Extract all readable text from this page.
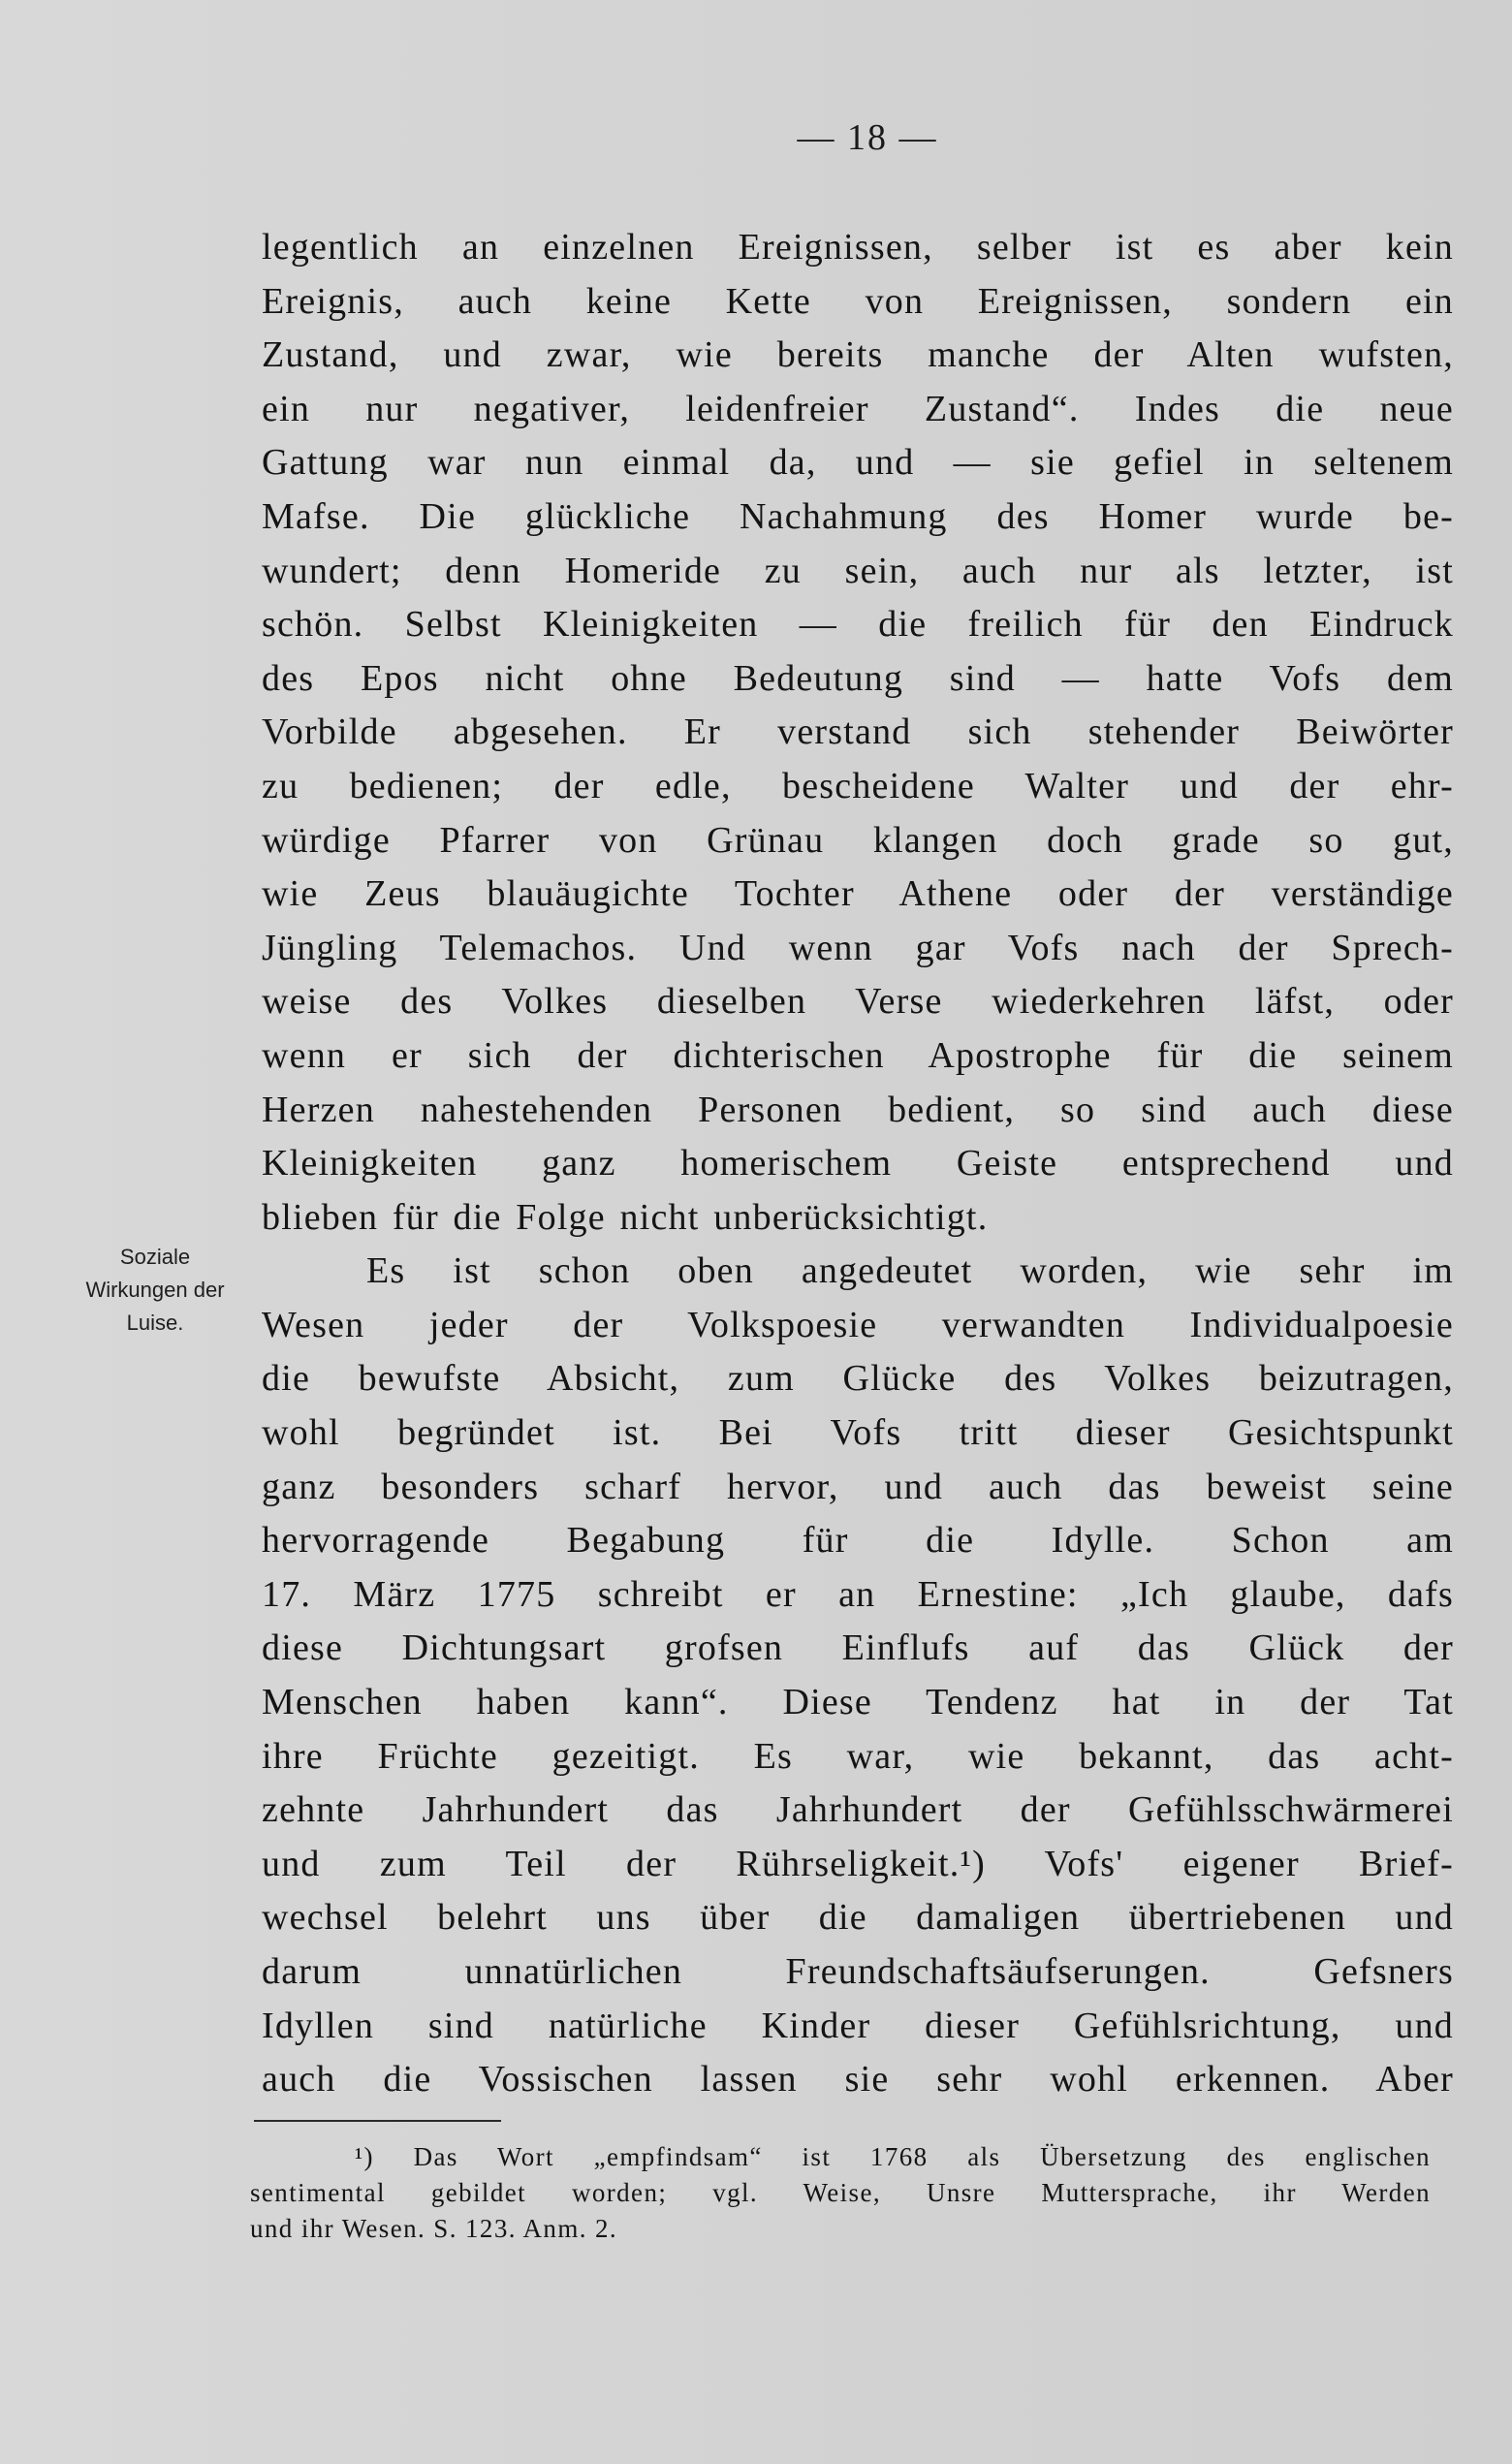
— 18 —
Soziale
Wirkungen der
Luise.
legentlich an einzelnen Ereignissen, selber ist es aber kein
Ereignis, auch keine Kette von Ereignissen, sondern ein
Zustand, und zwar, wie bereits manche der Alten wufsten,
ein nur negativer, leidenfreier Zustand“. Indes die neue
Gattung war nun einmal da, und — sie gefiel in seltenem
Mafse. Die glückliche Nachahmung des Homer wurde be-
wundert; denn Homeride zu sein, auch nur als letzter, ist
schön. Selbst Kleinigkeiten — die freilich für den Eindruck
des Epos nicht ohne Bedeutung sind — hatte Vofs dem
Vorbilde abgesehen. Er verstand sich stehender Beiwörter
zu bedienen; der edle, bescheidene Walter und der ehr-
würdige Pfarrer von Grünau klangen doch grade so gut,
wie Zeus blauäugichte Tochter Athene oder der verständige
Jüngling Telemachos. Und wenn gar Vofs nach der Sprech-
weise des Volkes dieselben Verse wiederkehren läfst, oder
wenn er sich der dichterischen Apostrophe für die seinem
Herzen nahestehenden Personen bedient, so sind auch diese
Kleinigkeiten ganz homerischem Geiste entsprechend und
blieben für die Folge nicht unberücksichtigt.
Es ist schon oben angedeutet worden, wie sehr im
Wesen jeder der Volkspoesie verwandten Individualpoesie
die bewufste Absicht, zum Glücke des Volkes beizutragen,
wohl begründet ist. Bei Vofs tritt dieser Gesichtspunkt
ganz besonders scharf hervor, und auch das beweist seine
hervorragende Begabung für die Idylle. Schon am
17. März 1775 schreibt er an Ernestine: „Ich glaube, dafs
diese Dichtungsart grofsen Einflufs auf das Glück der
Menschen haben kann“. Diese Tendenz hat in der Tat
ihre Früchte gezeitigt. Es war, wie bekannt, das acht-
zehnte Jahrhundert das Jahrhundert der Gefühlsschwärmerei
und zum Teil der Rührseligkeit.¹) Vofs' eigener Brief-
wechsel belehrt uns über die damaligen übertriebenen und
darum unnatürlichen Freundschaftsäufserungen. Gefsners
Idyllen sind natürliche Kinder dieser Gefühlsrichtung, und
auch die Vossischen lassen sie sehr wohl erkennen. Aber
¹) Das Wort „empfindsam“ ist 1768 als Übersetzung des englischen
sentimental gebildet worden; vgl. Weise, Unsre Muttersprache, ihr Werden
und ihr Wesen. S. 123. Anm. 2.
